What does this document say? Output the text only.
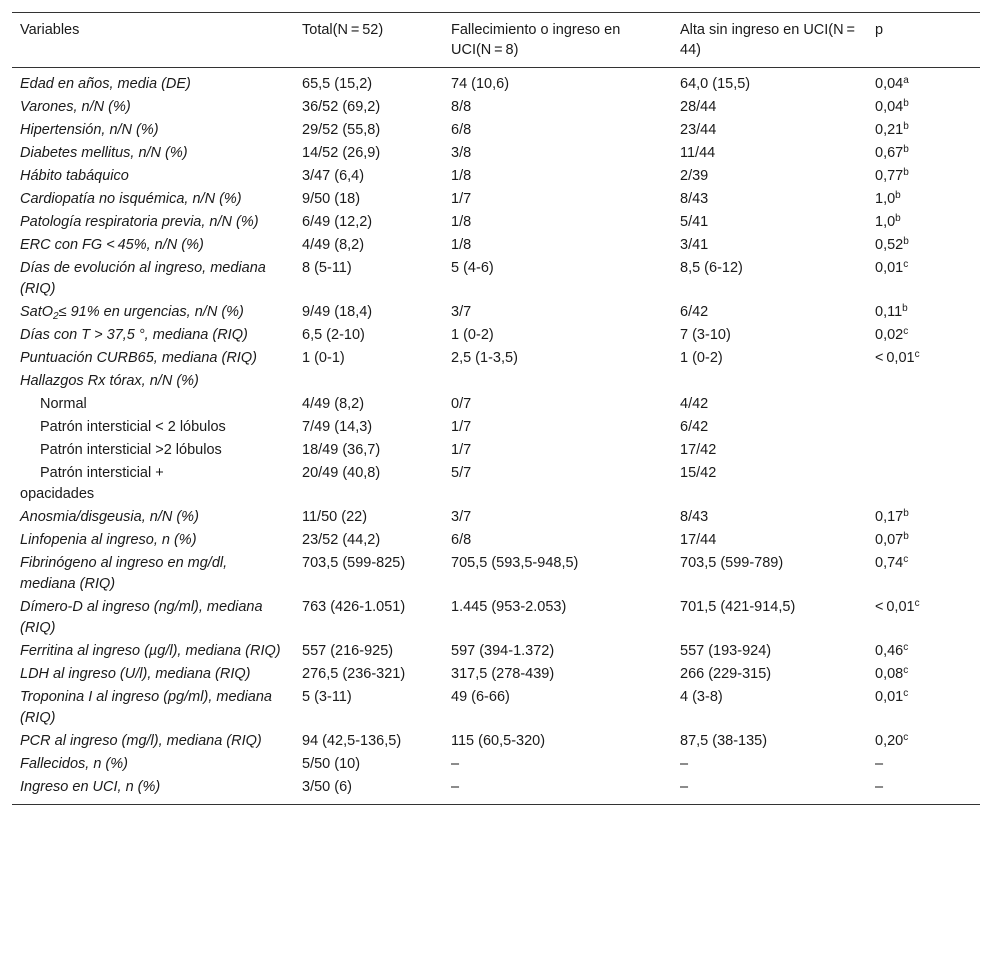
Variables	Total(N = 52)	Fallecimiento o ingreso en UCI(N = 8)	Alta sin ingreso en UCI(N = 44)	p
Edad en años, media (DE)	65,5 (15,2)	74 (10,6)	64,0 (15,5)	0,04$^a$
Varones, n/N (%)	36/52 (69,2)	8/8	28/44	0,04$^b$
Hipertensión, n/N (%)	29/52 (55,8)	6/8	23/44	0,21$^b$
Diabetes mellitus, n/N (%)	14/52 (26,9)	3/8	11/44	0,67$^b$
Hábito tabáquico	3/47 (6,4)	1/8	2/39	0,77$^b$
Cardiopatía no isquémica, n/N (%)	9/50 (18)	1/7	8/43	1,0$^b$
Patología respiratoria previa, n/N (%)	6/49 (12,2)	1/8	5/41	1,0$^b$
ERC con FG < 45%, n/N (%)	4/49 (8,2)	1/8	3/41	0,52$^b$
Días de evolución al ingreso, mediana (RIQ)	8 (5-11)	5 (4-6)	8,5 (6-12)	0,01$^c$
SatO$_2$≤ 91% en urgencias, n/N (%)	9/49 (18,4)	3/7	6/42	0,11$^b$
Días con T > 37,5 °, mediana (RIQ)	6,5 (2-10)	1 (0-2)	7 (3-10)	0,02$^c$
Puntuación CURB65, mediana (RIQ)	1 (0-1)	2,5 (1-3,5)	1 (0-2)	< 0,01$^c$
Hallazgos Rx tórax, n/N (%)				
Normal	4/49 (8,2)	0/7	4/42	
Patrón intersticial < 2 lóbulos	7/49 (14,3)	1/7	6/42	
Patrón intersticial >2 lóbulos	18/49 (36,7)	1/7	17/42	
Patrón intersticial +
opacidades	20/49 (40,8)	5/7	15/42	
Anosmia/disgeusia, n/N (%)	11/50 (22)	3/7	8/43	0,17$^b$
Linfopenia al ingreso, n (%)	23/52 (44,2)	6/8	17/44	0,07$^b$
Fibrinógeno al ingreso en mg/dl, mediana (RIQ)	703,5 (599-825)	705,5 (593,5-948,5)	703,5 (599-789)	0,74$^c$
Dímero-D al ingreso (ng/ml), mediana (RIQ)	763 (426-1.051)	1.445 (953-2.053)	701,5 (421-914,5)	< 0,01$^c$
Ferritina al ingreso (µg/l), mediana (RIQ)	557 (216-925)	597 (394-1.372)	557 (193-924)	0,46$^c$
LDH al ingreso (U/l), mediana (RIQ)	276,5 (236-321)	317,5 (278-439)	266 (229-315)	0,08$^c$
Troponina I al ingreso (pg/ml), mediana (RIQ)	5 (3-11)	49 (6-66)	4 (3-8)	0,01$^c$
PCR al ingreso (mg/l), mediana (RIQ)	94 (42,5-136,5)	115 (60,5-320)	87,5 (38-135)	0,20$^c$
Fallecidos, n (%)	5/50 (10)	–	–	–
Ingreso en UCI, n (%)	3/50 (6)	–	–	–
